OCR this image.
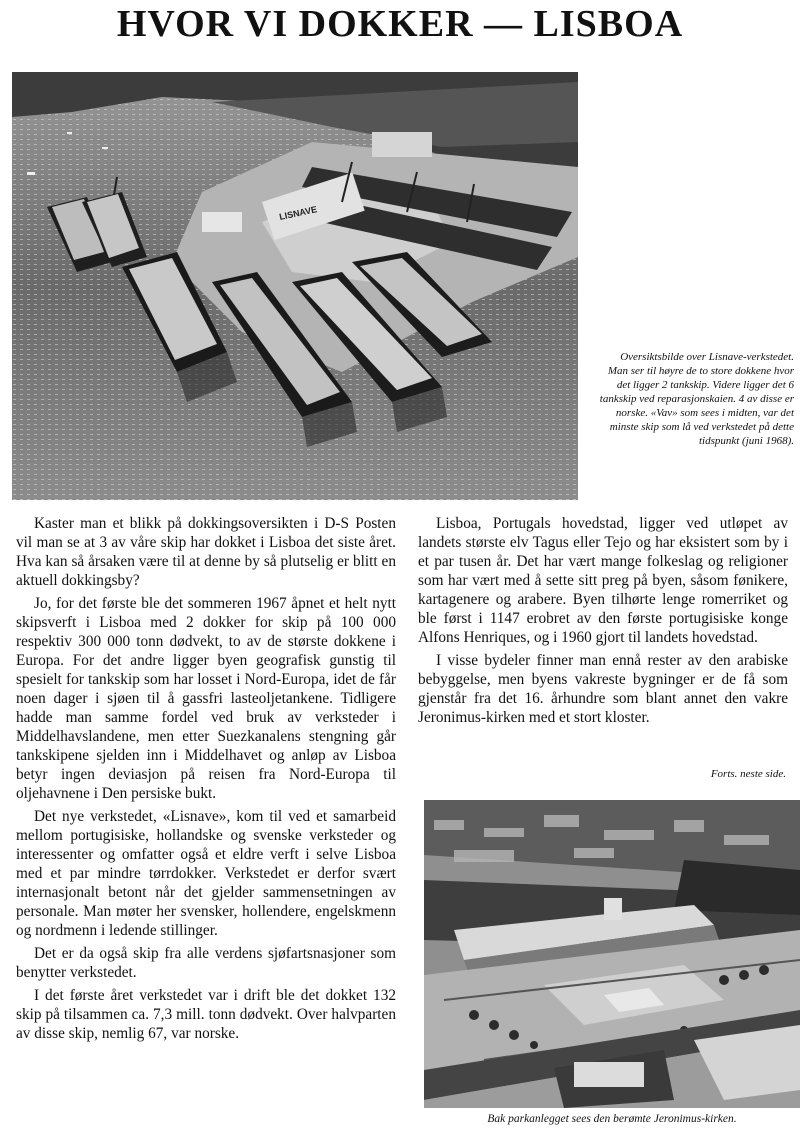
HVOR VI DOKKER — LISBOA
LISNAVE
Oversiktsbilde over Lisnave-verkstedet. Man ser til høyre de to store dokkene hvor det ligger 2 tankskip. Videre ligger det 6 tankskip ved reparasjonskaien. 4 av disse er norske. «Vav» som sees i midten, var det minste skip som lå ved verkstedet på dette tidspunkt (juni 1968).

Kaster man et blikk på dokkingsoversikten i D-S Posten vil man se at 3 av våre skip har dokket i Lisboa det siste året. Hva kan så årsaken være til at denne by så plutselig er blitt en aktuell dokkingsby?

Jo, for det første ble det sommeren 1967 åpnet et helt nytt skipsverft i Lisboa med 2 dokker for skip på 100 000 respektiv 300 000 tonn dødvekt, to av de største dokkene i Europa. For det andre ligger byen geografisk gunstig til spesielt for tankskip som har losset i Nord-Europa, idet de får noen dager i sjøen til å gassfri lasteoljetankene. Tidligere hadde man samme fordel ved bruk av verksteder i Middelhavslandene, men etter Suezkanalens stengning går tankskipene sjelden inn i Middelhavet og anløp av Lisboa betyr ingen deviasjon på reisen fra Nord-Europa til oljehavnene i Den persiske bukt.

Det nye verkstedet, «Lisnave», kom til ved et samarbeid mellom portugisiske, hollandske og svenske verksteder og interessenter og omfatter også et eldre verft i selve Lisboa med et par mindre tørrdokker. Verkstedet er derfor svært internasjonalt betont når det gjelder sammensetningen av personale. Man møter her svensker, hollendere, engelskmenn og nordmenn i ledende stillinger.

Det er da også skip fra alle verdens sjøfartsnasjoner som benytter verkstedet.

I det første året verkstedet var i drift ble det dokket 132 skip på tilsammen ca. 7,3 mill. tonn dødvekt. Over halvparten av disse skip, nemlig 67, var norske.

Lisboa, Portugals hovedstad, ligger ved utløpet av landets største elv Tagus eller Tejo og har eksistert som by i et par tusen år. Det har vært mange folkeslag og religioner som har vært med å sette sitt preg på byen, såsom fønikere, kartagenere og arabere. Byen tilhørte lenge romerriket og ble først i 1147 erobret av den første portugisiske konge Alfons Henriques, og i 1960 gjort til landets hovedstad.

I visse bydeler finner man ennå rester av den arabiske bebyggelse, men byens vakreste bygninger er de få som gjenstår fra det 16. århundre som blant annet den vakre Jeronimus-kirken med et stort kloster.

Forts. neste side.
Bak parkanlegget sees den berømte Jeronimus-kirken.
